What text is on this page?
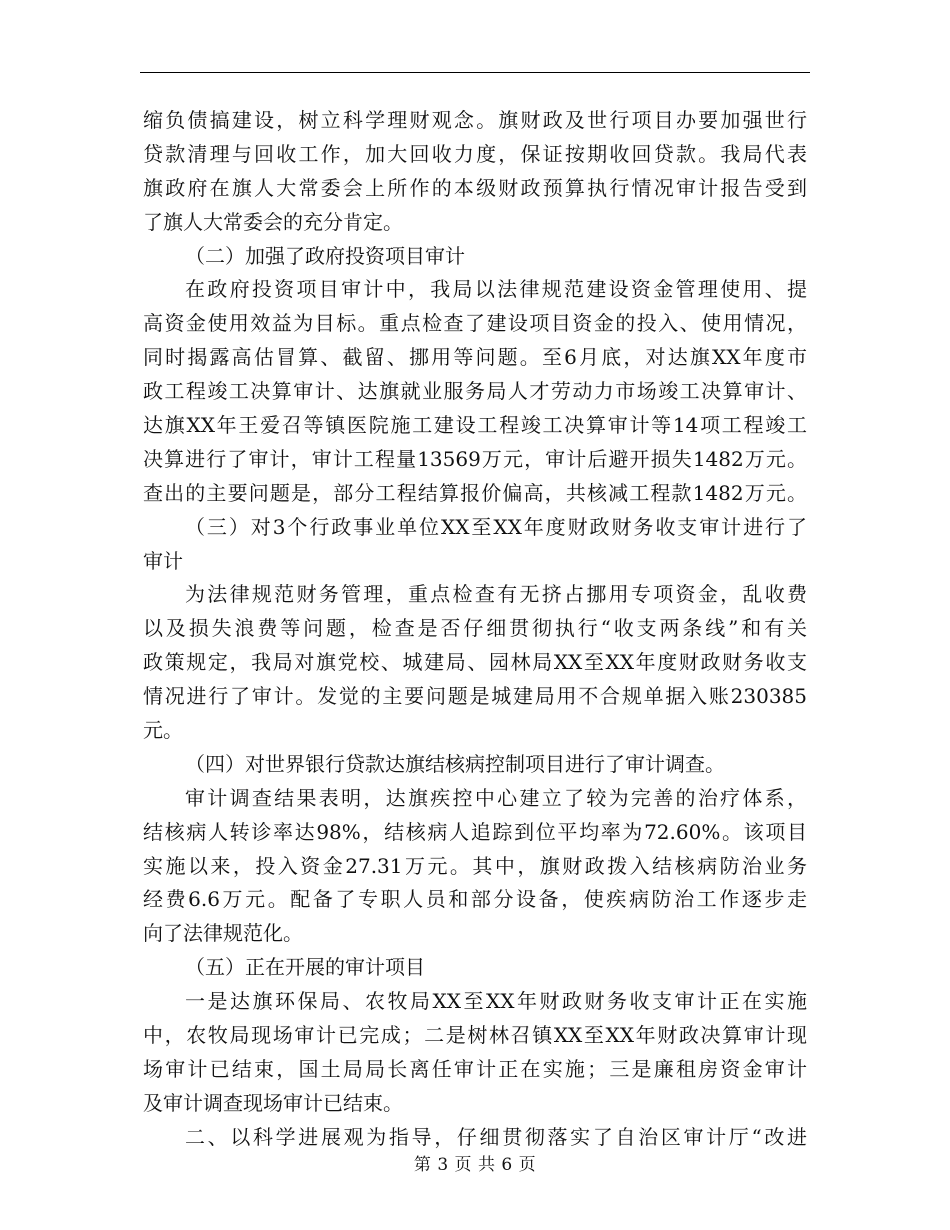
缩负债搞建设，树立科学理财观念。旗财政及世行项目办要加强世行
贷款清理与回收工作，加大回收力度，保证按期收回贷款。我局代表
旗政府在旗人大常委会上所作的本级财政预算执行情况审计报告受到
了旗人大常委会的充分肯定。
（二）加强了政府投资项目审计
在政府投资项目审计中，我局以法律规范建设资金管理使用、提
高资金使用效益为目标。重点检查了建设项目资金的投入、使用情况，
同时揭露高估冒算、截留、挪用等问题。至6月底，对达旗XX年度市
政工程竣工决算审计、达旗就业服务局人才劳动力市场竣工决算审计、
达旗XX年王爱召等镇医院施工建设工程竣工决算审计等14项工程竣工
决算进行了审计，审计工程量13569万元，审计后避开损失1482万元。
查出的主要问题是，部分工程结算报价偏高，共核减工程款1482万元。
（三）对3个行政事业单位XX至XX年度财政财务收支审计进行了
审计
为法律规范财务管理，重点检查有无挤占挪用专项资金，乱收费
以及损失浪费等问题，检查是否仔细贯彻执行“收支两条线”和有关
政策规定，我局对旗党校、城建局、园林局XX至XX年度财政财务收支
情况进行了审计。发觉的主要问题是城建局用不合规单据入账230385
元。
（四）对世界银行贷款达旗结核病控制项目进行了审计调查。
审计调查结果表明，达旗疾控中心建立了较为完善的治疗体系，
结核病人转诊率达98%，结核病人追踪到位平均率为72.60%。该项目
实施以来，投入资金27.31万元。其中，旗财政拨入结核病防治业务
经费6.6万元。配备了专职人员和部分设备，使疾病防治工作逐步走
向了法律规范化。
（五）正在开展的审计项目
一是达旗环保局、农牧局XX至XX年财政财务收支审计正在实施
中，农牧局现场审计已完成；二是树林召镇XX至XX年财政决算审计现
场审计已结束，国土局局长离任审计正在实施；三是廉租房资金审计
及审计调查现场审计已结束。
二、以科学进展观为指导，仔细贯彻落实了自治区审计厅“改进
第 3 页 共 6 页
